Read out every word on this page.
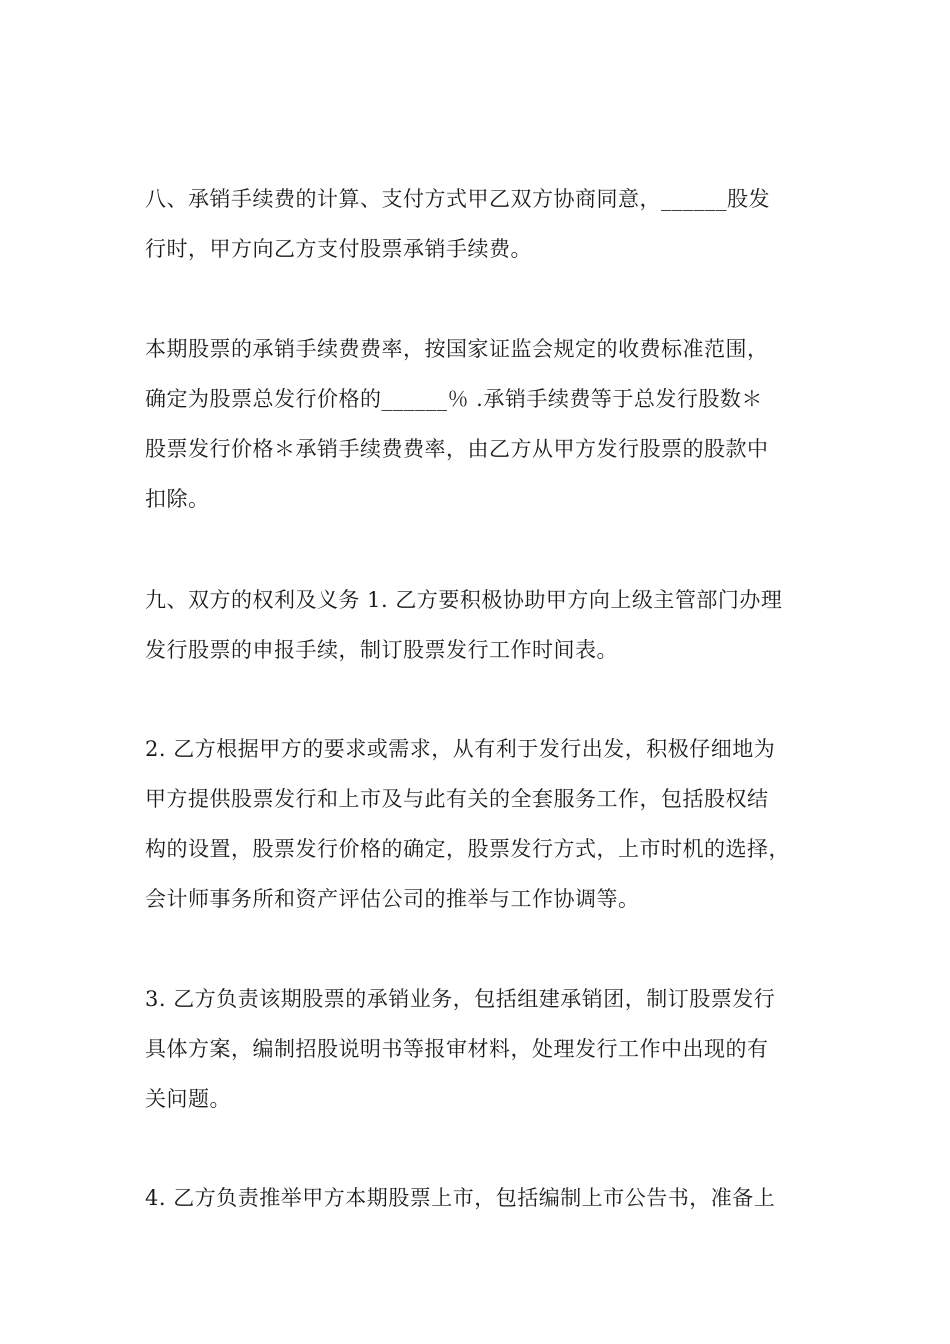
八、承销手续费的计算、支付方式甲乙双方协商同意，______股发
行时，甲方向乙方支付股票承销手续费。
本期股票的承销手续费费率，按国家证监会规定的收费标准范围，
确定为股票总发行价格的______％ .承销手续费等于总发行股数＊
股票发行价格＊承销手续费费率，由乙方从甲方发行股票的股款中
扣除。
九、双方的权利及义务 1. 乙方要积极协助甲方向上级主管部门办理
发行股票的申报手续，制订股票发行工作时间表。
2. 乙方根据甲方的要求或需求，从有利于发行出发，积极仔细地为
甲方提供股票发行和上市及与此有关的全套服务工作，包括股权结
构的设置，股票发行价格的确定，股票发行方式，上市时机的选择，
会计师事务所和资产评估公司的推举与工作协调等。
3. 乙方负责该期股票的承销业务，包括组建承销团，制订股票发行
具体方案，编制招股说明书等报审材料，处理发行工作中出现的有
关问题。
4. 乙方负责推举甲方本期股票上市，包括编制上市公告书，准备上
